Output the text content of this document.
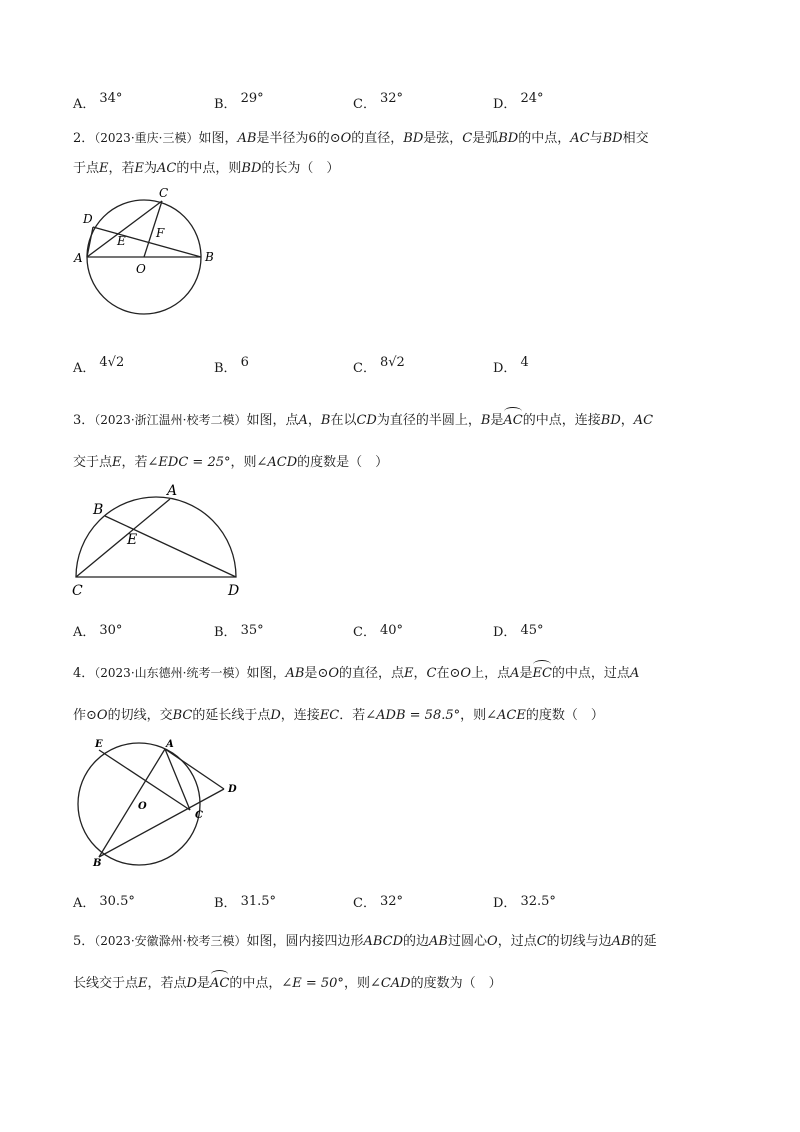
A． 34°	B． 29°	C． 32°	D． 24°
2．（2023·重庆·三模）如图，AB是半径为6的⊙O的直径，BD是弦，C是弧BD的中点，AC与BD相交
于点E，若E为AC的中点，则BD的长为（　）
A	B
C
D
E
F
O
A． 4√2	B． 6	C． 8√2	D． 4
3．（2023·浙江温州·校考二模）如图，点A，B在以CD为直径的半圆上，B是AC的中点，连接BD，AC
交于点E，若∠EDC = 25°，则∠ACD的度数是（　）
A
B
C	D
E
A． 30°	B． 35°	C． 40°	D． 45°
4．（2023·山东德州·统考一模）如图，AB是⊙O的直径，点E，C在⊙O上，点A是EC的中点，过点A
作⊙O的切线，交BC的延长线于点D，连接EC．若∠ADB = 58.5°，则∠ACE的度数（　）
E	A
D
C
O
B
A． 30.5°	B． 31.5°	C． 32°	D． 32.5°
5．（2023·安徽滁州·校考三模）如图，圆内接四边形ABCD的边AB过圆心O，过点C的切线与边AB的延
长线交于点E，若点D是AC的中点，∠E = 50°，则∠CAD的度数为（　）
